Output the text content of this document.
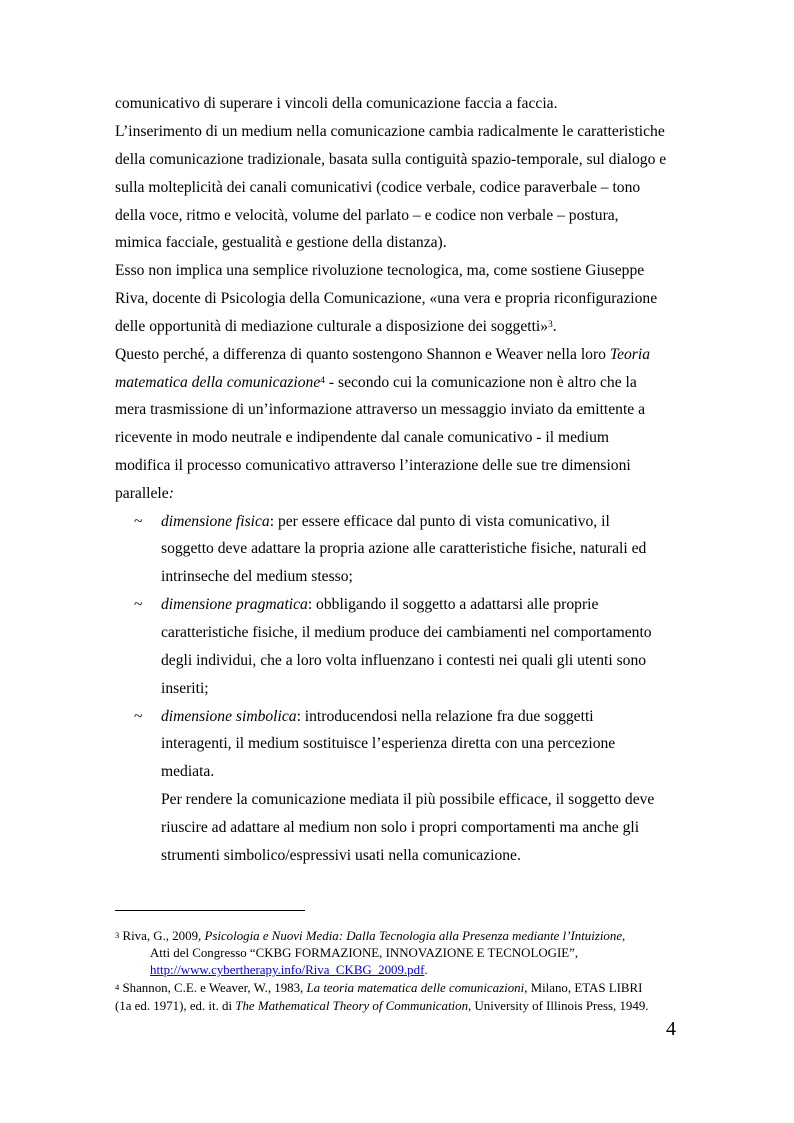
comunicativo di superare i vincoli della comunicazione faccia a faccia.

L’inserimento di un medium nella comunicazione cambia radicalmente le caratteristiche

della comunicazione tradizionale, basata sulla contiguità spazio-temporale, sul dialogo e

sulla molteplicità dei canali comunicativi (codice verbale, codice paraverbale – tono

della voce, ritmo e velocità, volume del parlato – e codice non verbale – postura,

mimica facciale, gestualità e gestione della distanza).

Esso non implica una semplice rivoluzione tecnologica, ma, come sostiene Giuseppe

Riva, docente di Psicologia della Comunicazione, «una vera e propria riconfigurazione

delle opportunità di mediazione culturale a disposizione dei soggetti»$^3$.

Questo perché, a differenza di quanto sostengono Shannon e Weaver nella loro Teoria

matematica della comunicazione$^4$ - secondo cui la comunicazione non è altro che la

mera trasmissione di un’informazione attraverso un messaggio inviato da emittente a

ricevente in modo neutrale e indipendente dal canale comunicativo - il medium

modifica il processo comunicativo attraverso l’interazione delle sue tre dimensioni

parallele:

~ dimensione fisica: per essere efficace dal punto di vista comunicativo, il

soggetto deve adattare la propria azione alle caratteristiche fisiche, naturali ed

intrinseche del medium stesso;

~ dimensione pragmatica: obbligando il soggetto a adattarsi alle proprie

caratteristiche fisiche, il medium produce dei cambiamenti nel comportamento

degli individui, che a loro volta influenzano i contesti nei quali gli utenti sono

inseriti;

~ dimensione simbolica: introducendosi nella relazione fra due soggetti

interagenti, il medium sostituisce l’esperienza diretta con una percezione

mediata.

Per rendere la comunicazione mediata il più possibile efficace, il soggetto deve

riuscire ad adattare al medium non solo i propri comportamenti ma anche gli

strumenti simbolico/espressivi usati nella comunicazione.

$^3$ Riva, G., 2009, Psicologia e Nuovi Media: Dalla Tecnologia alla Presenza mediante l’Intuizione,

Atti del Congresso “CKBG FORMAZIONE, INNOVAZIONE E TECNOLOGIE”,

http://www.cybertherapy.info/Riva_CKBG_2009.pdf.

$^4$ Shannon, C.E. e Weaver, W., 1983, La teoria matematica delle comunicazioni, Milano, ETAS LIBRI

(1a ed. 1971), ed. it. di The Mathematical Theory of Communication, University of Illinois Press, 1949.

4
